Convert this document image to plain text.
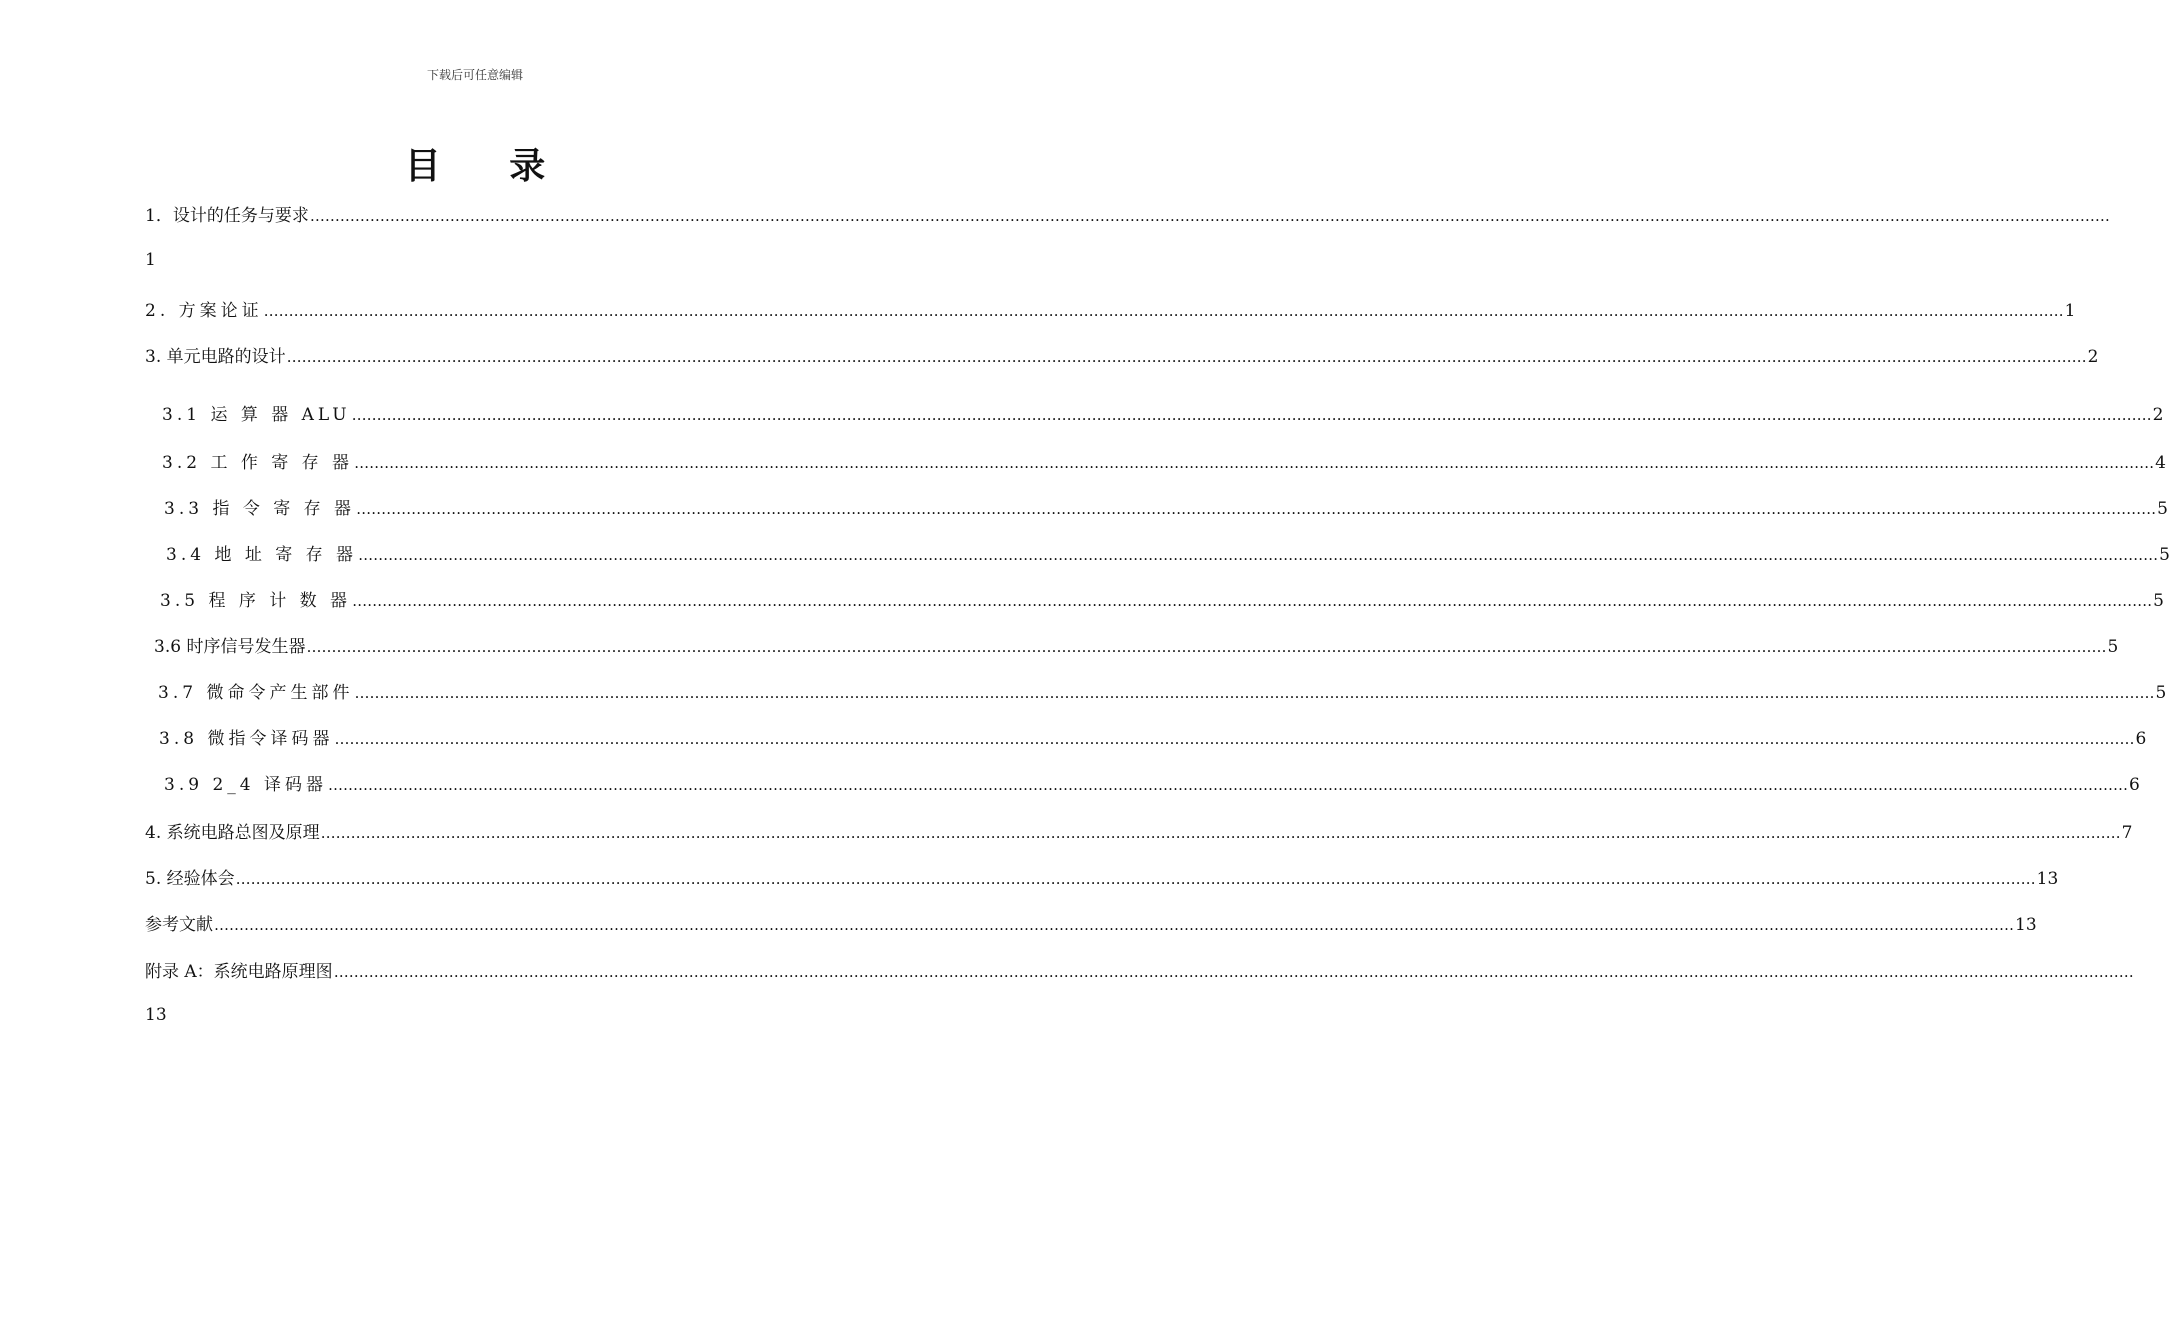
下载后可任意编辑
目 录
1．设计的任务与要求 ………………………………………………………………………………………………………………………………………………………………………………………………………………………………………………………………………………………………………………………………
2. 方案论证 ……………………………………………………………………………………………………………………………………………………………………………………………………………………………………………………………………………………………………………………………… 1
3. 单元电路的设计 ……………………………………………………………………………………………………………………………………………………………………………………………………………………………………………………………………………………………………………………………… 2
3.1 运 算 器 ALU ……………………………………………………………………………………………………………………………………………………………………………………………………………………………………………………………………………………………………………………………… 2
3.2 工 作 寄 存 器 ……………………………………………………………………………………………………………………………………………………………………………………………………………………………………………………………………………………………………………………………… 4
3.3 指 令 寄 存 器 ……………………………………………………………………………………………………………………………………………………………………………………………………………………………………………………………………………………………………………………………… 5
3.4 地 址 寄 存 器 ……………………………………………………………………………………………………………………………………………………………………………………………………………………………………………………………………………………………………………………………… 5
3.5 程 序 计 数 器 ……………………………………………………………………………………………………………………………………………………………………………………………………………………………………………………………………………………………………………………………… 5
3.6 时序信号发生器 ……………………………………………………………………………………………………………………………………………………………………………………………………………………………………………………………………………………………………………………………… 5
3.7 微命令产生部件 ……………………………………………………………………………………………………………………………………………………………………………………………………………………………………………………………………………………………………………………………… 5
3.8 微指令译码器 ……………………………………………………………………………………………………………………………………………………………………………………………………………………………………………………………………………………………………………………………… 6
3.9 2_4 译码器 ……………………………………………………………………………………………………………………………………………………………………………………………………………………………………………………………………………………………………………………………… 6
4. 系统电路总图及原理 ……………………………………………………………………………………………………………………………………………………………………………………………………………………………………………………………………………………………………………………………… 7
5. 经验体会 ……………………………………………………………………………………………………………………………………………………………………………………………………………………………………………………………………………………………………………………………… 13
参考文献 ……………………………………………………………………………………………………………………………………………………………………………………………………………………………………………………………………………………………………………………………… 13
附录 A：系统电路原理图 ………………………………………………………………………………………………………………………………………………………………………………………………………………………………………………………………………………………………………………………………
1
13
